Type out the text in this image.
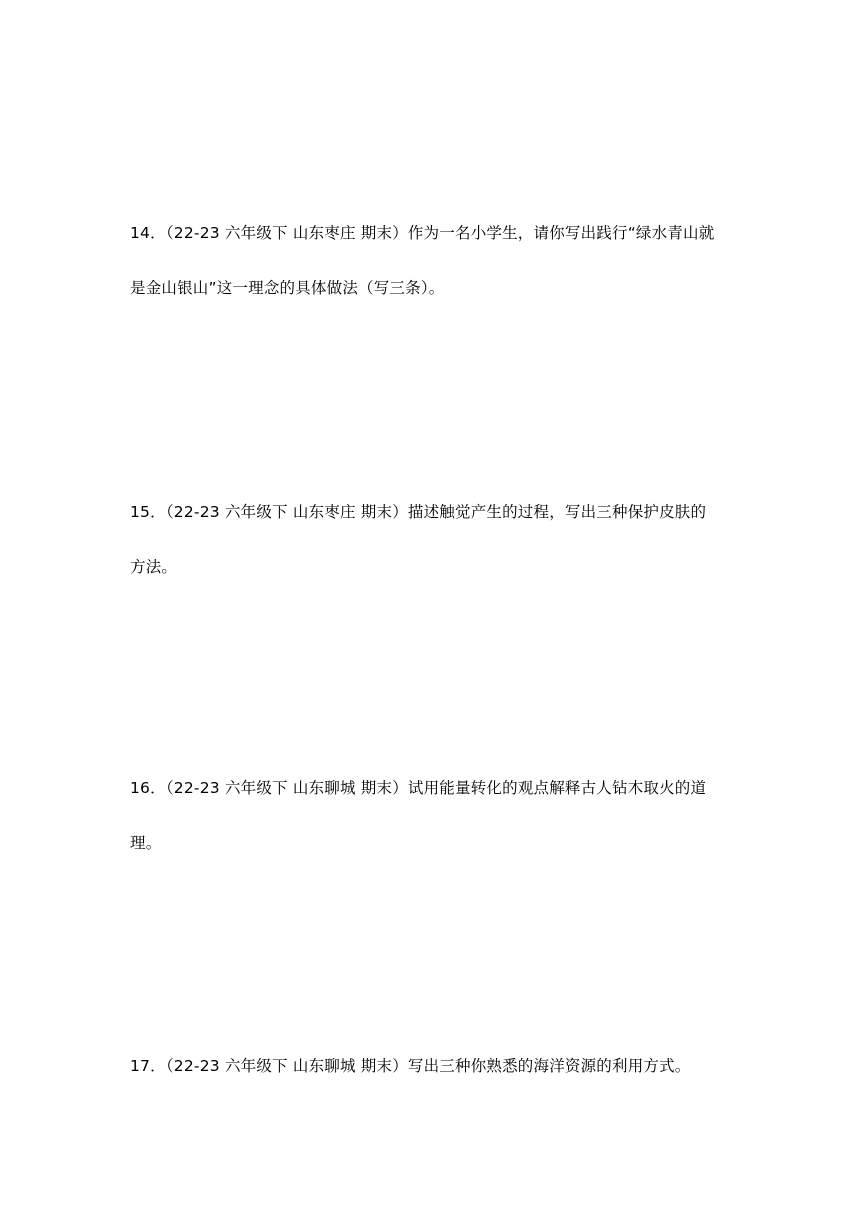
14．（22-23 六年级下 山东枣庄 期末）作为一名小学生，请你写出践行“绿水青山就

是金山银山”这一理念的具体做法（写三条）。

15．（22-23 六年级下 山东枣庄 期末）描述触觉产生的过程，写出三种保护皮肤的

方法。

16．（22-23 六年级下 山东聊城 期末）试用能量转化的观点解释古人钻木取火的道

理。

17．（22-23 六年级下 山东聊城 期末）写出三种你熟悉的海洋资源的利用方式。
